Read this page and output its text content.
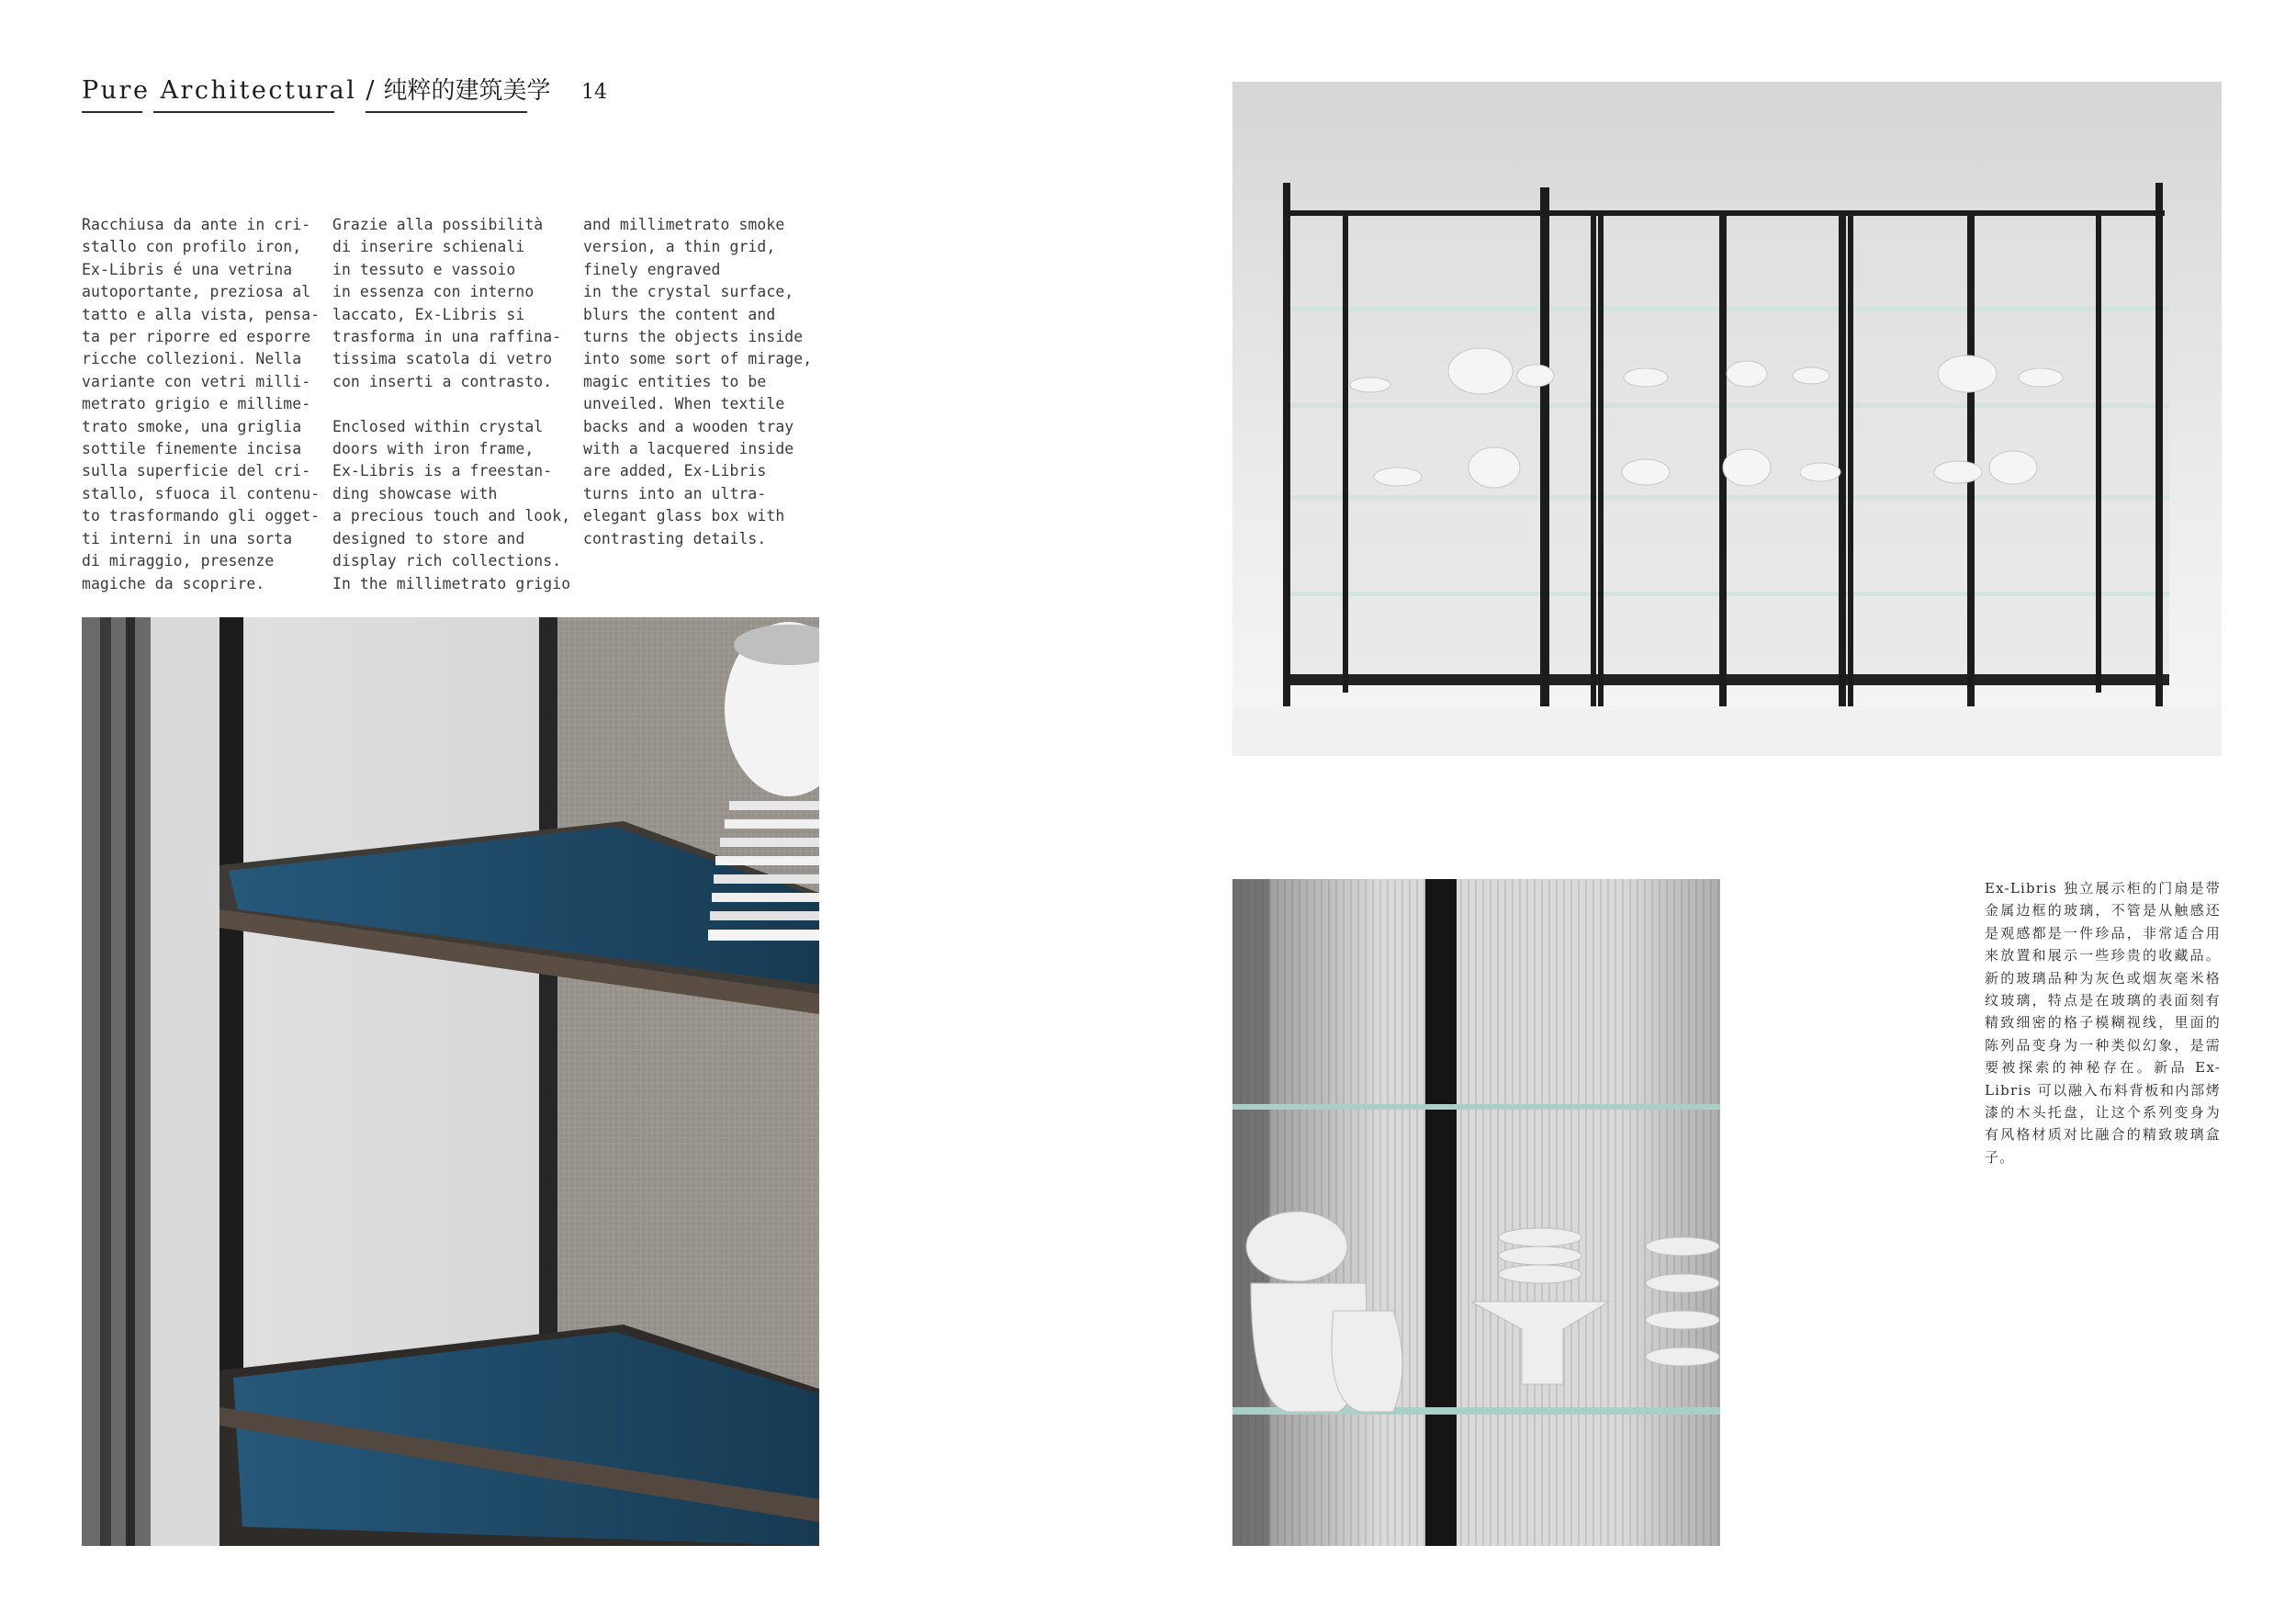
Pure Architectural / 纯粹的建筑美学 14
Racchiusa da ante in cri-
stallo con profilo iron,
Ex-Libris é una vetrina
autoportante, preziosa al
tatto e alla vista, pensa-
ta per riporre ed esporre
ricche collezioni. Nella
variante con vetri milli-
metrato grigio e millime-
trato smoke, una griglia
sottile finemente incisa
sulla superficie del cri-
stallo, sfuoca il contenu-
to trasformando gli ogget-
ti interni in una sorta
di miraggio, presenze
magiche da scoprire.
Grazie alla possibilità
di inserire schienali
in tessuto e vassoio
in essenza con interno
laccato, Ex-Libris si
trasforma in una raffina-
tissima scatola di vetro
con inserti a contrasto.

Enclosed within crystal
doors with iron frame,
Ex-Libris is a freestan-
ding showcase with
a precious touch and look,
designed to store and
display rich collections.
In the millimetrato grigio
and millimetrato smoke
version, a thin grid,
finely engraved
in the crystal surface,
blurs the content and
turns the objects inside
into some sort of mirage,
magic entities to be
unveiled. When textile
backs and a wooden tray
with a lacquered inside
are added, Ex-Libris
turns into an ultra-
elegant glass box with
contrasting details.
Ex-Libris 独立展示柜的门扇是带金属边框的玻璃，不管是从触感还是观感都是一件珍品，非常适合用来放置和展示一些珍贵的收藏品。新的玻璃品种为灰色或烟灰毫米格纹玻璃，特点是在玻璃的表面刻有精致细密的格子模糊视线，里面的陈列品变身为一种类似幻象，是需要被探索的神秘存在。新品 Ex-Libris 可以融入布料背板和内部烤漆的木头托盘，让这个系列变身为有风格材质对比融合的精致玻璃盒子。
